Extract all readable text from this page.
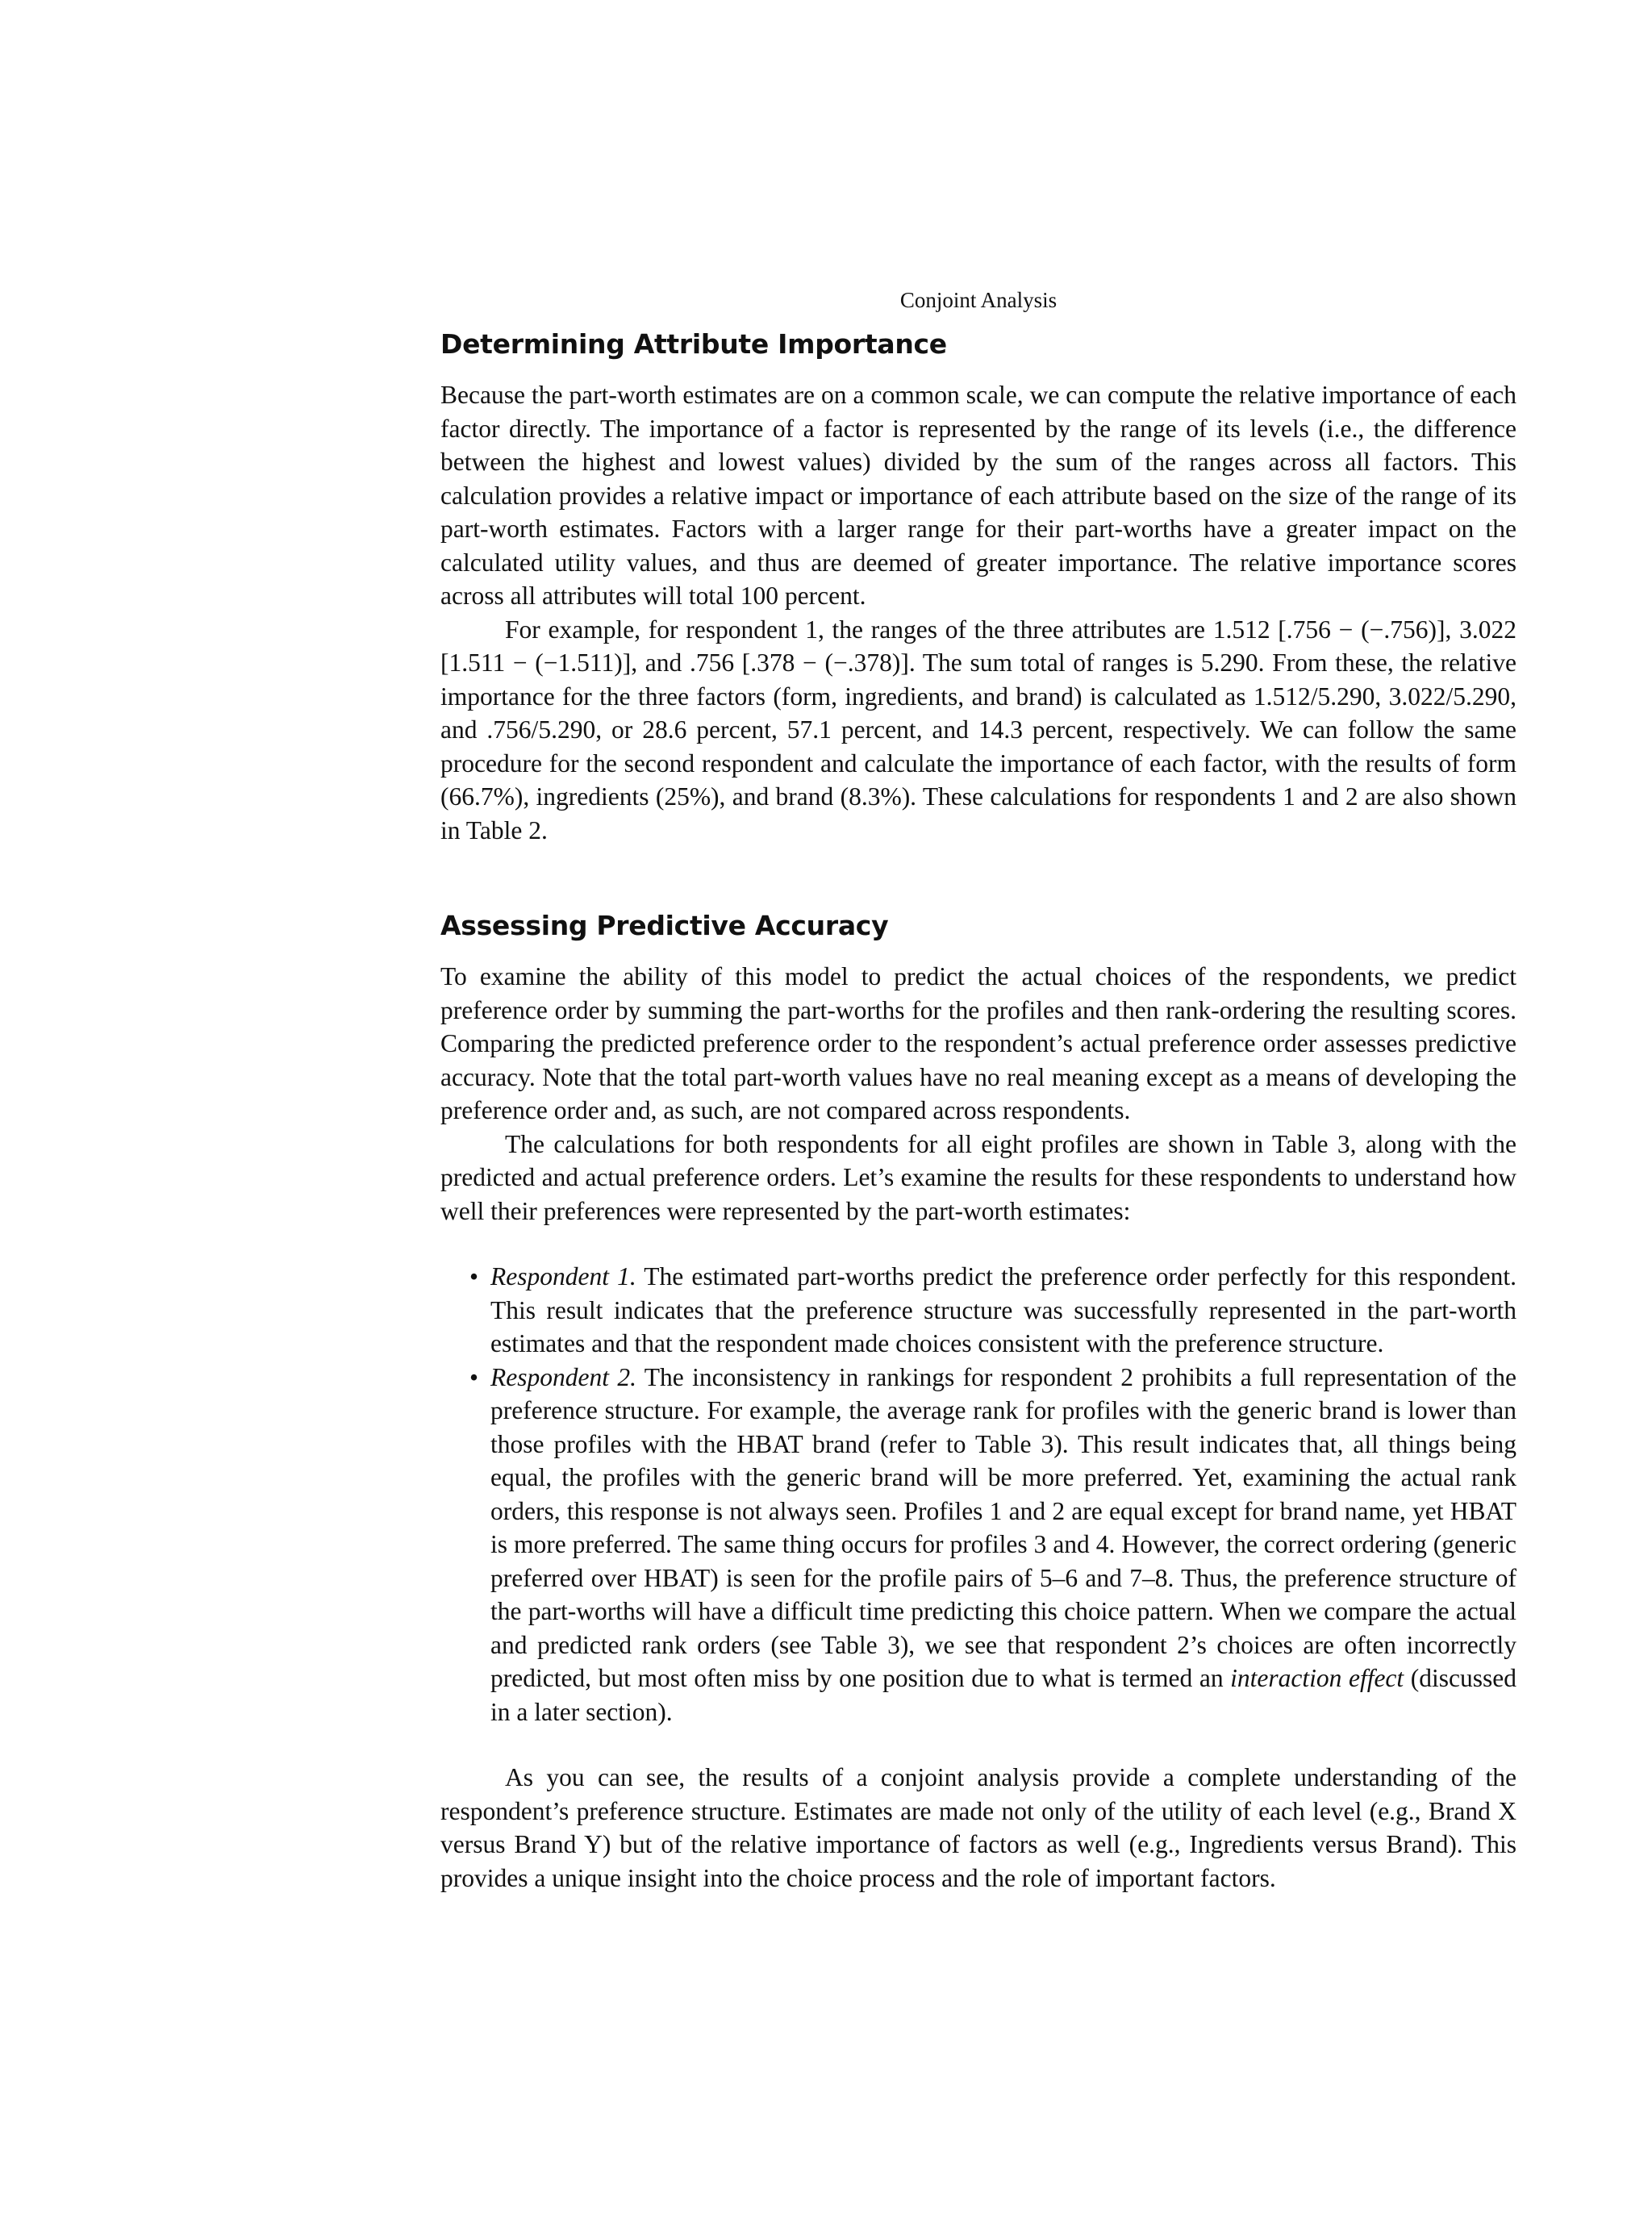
Conjoint Analysis
Determining Attribute Importance

Because the part-worth estimates are on a common scale, we can compute the relative importance of each factor directly. The importance of a factor is represented by the range of its levels (i.e., the difference between the highest and lowest values) divided by the sum of the ranges across all factors. This calculation provides a relative impact or importance of each attribute based on the size of the range of its part-worth estimates. Factors with a larger range for their part-worths have a greater impact on the calculated utility values, and thus are deemed of greater importance. The relative importance scores across all attributes will total 100 percent.

For example, for respondent 1, the ranges of the three attributes are 1.512 [.756 − (−.756)], 3.022 [1.511 − (−1.511)], and .756 [.378 − (−.378)]. The sum total of ranges is 5.290. From these, the relative importance for the three factors (form, ingredients, and brand) is calculated as 1.512/5.290, 3.022/5.290, and .756/5.290, or 28.6 percent, 57.1 percent, and 14.3 percent, respectively. We can follow the same procedure for the second respondent and calculate the importance of each factor, with the results of form (66.7%), ingredients (25%), and brand (8.3%). These calculations for respondents 1 and 2 are also shown in Table 2.

Assessing Predictive Accuracy

To examine the ability of this model to predict the actual choices of the respondents, we predict preference order by summing the part-worths for the profiles and then rank-ordering the resulting scores. Comparing the predicted preference order to the respondent’s actual preference order assesses predictive accuracy. Note that the total part-worth values have no real meaning except as a means of developing the preference order and, as such, are not compared across respondents.

The calculations for both respondents for all eight profiles are shown in Table 3, along with the predicted and actual preference orders. Let’s examine the results for these respondents to understand how well their preferences were represented by the part-worth estimates:

• Respondent 1. The estimated part-worths predict the preference order perfectly for this respondent. This result indicates that the preference structure was successfully represented in the part-worth estimates and that the respondent made choices consistent with the preference structure.
• Respondent 2. The inconsistency in rankings for respondent 2 prohibits a full representation of the preference structure. For example, the average rank for profiles with the generic brand is lower than those profiles with the HBAT brand (refer to Table 3). This result indicates that, all things being equal, the profiles with the generic brand will be more preferred. Yet, examining the actual rank orders, this response is not always seen. Profiles 1 and 2 are equal except for brand name, yet HBAT is more preferred. The same thing occurs for profiles 3 and 4. However, the correct ordering (generic preferred over HBAT) is seen for the profile pairs of 5–6 and 7–8. Thus, the preference structure of the part-worths will have a difficult time predicting this choice pattern. When we compare the actual and predicted rank orders (see Table 3), we see that respondent 2’s choices are often incorrectly predicted, but most often miss by one position due to what is termed an interaction effect (discussed in a later section).

As you can see, the results of a conjoint analysis provide a complete understanding of the respondent’s preference structure. Estimates are made not only of the utility of each level (e.g., Brand X versus Brand Y) but of the relative importance of factors as well (e.g., Ingredients versus Brand). This provides a unique insight into the choice process and the role of important factors.
